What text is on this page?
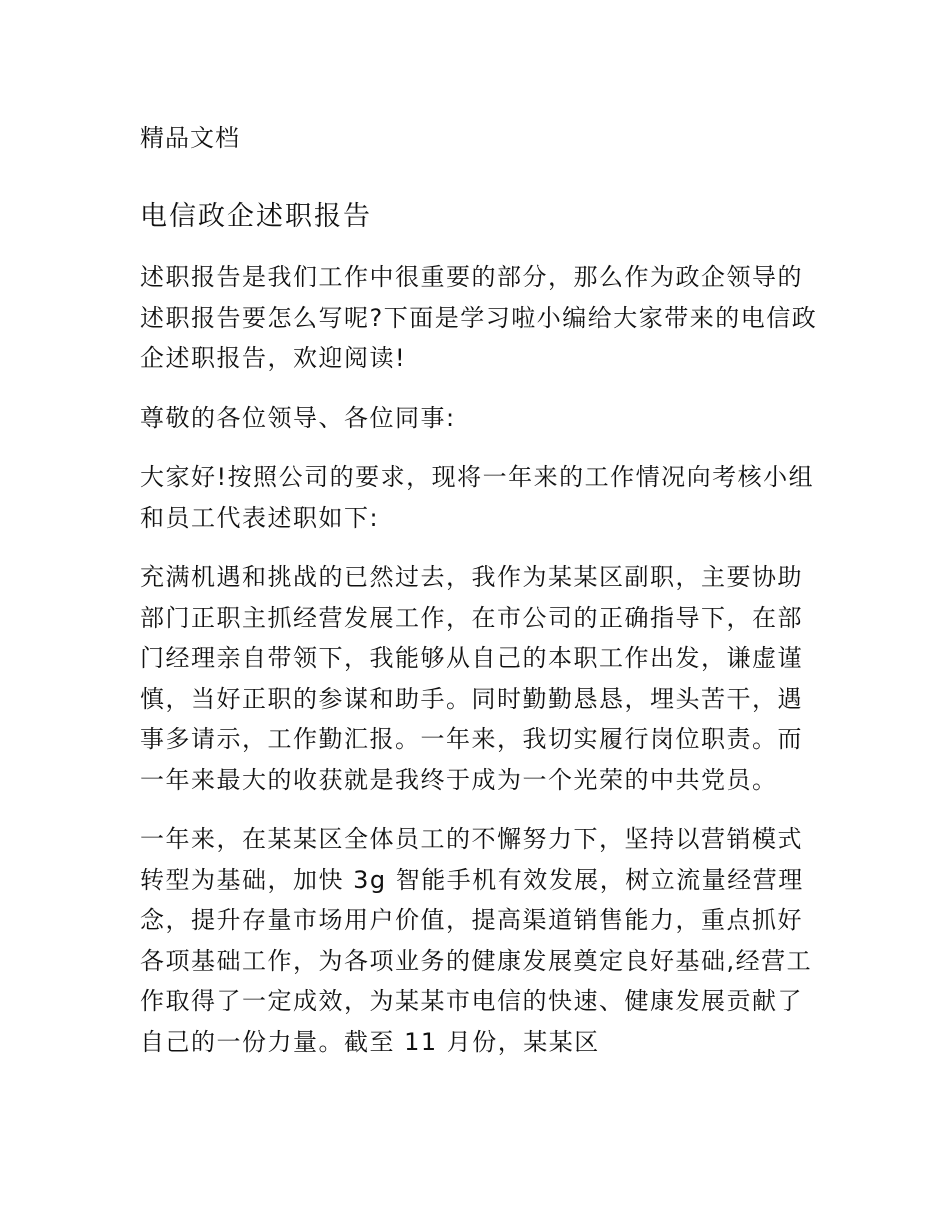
精品文档
电信政企述职报告

述职报告是我们工作中很重要的部分，那么作为政企领导的述职报告要怎么写呢?下面是学习啦小编给大家带来的电信政企述职报告，欢迎阅读!

尊敬的各位领导、各位同事:

大家好!按照公司的要求，现将一年来的工作情况向考核小组和员工代表述职如下:

充满机遇和挑战的已然过去，我作为某某区副职，主要协助部门正职主抓经营发展工作，在市公司的正确指导下，在部门经理亲自带领下，我能够从自己的本职工作出发，谦虚谨慎，当好正职的参谋和助手。同时勤勤恳恳，埋头苦干，遇事多请示，工作勤汇报。一年来，我切实履行岗位职责。而一年来最大的收获就是我终于成为一个光荣的中共党员。

一年来，在某某区全体员工的不懈努力下，坚持以营销模式转型为基础，加快 3g 智能手机有效发展，树立流量经营理念，提升存量市场用户价值，提高渠道销售能力，重点抓好各项基础工作，为各项业务的健康发展奠定良好基础,经营工作取得了一定成效，为某某市电信的快速、健康发展贡献了自己的一份力量。截至 11 月份，某某区
